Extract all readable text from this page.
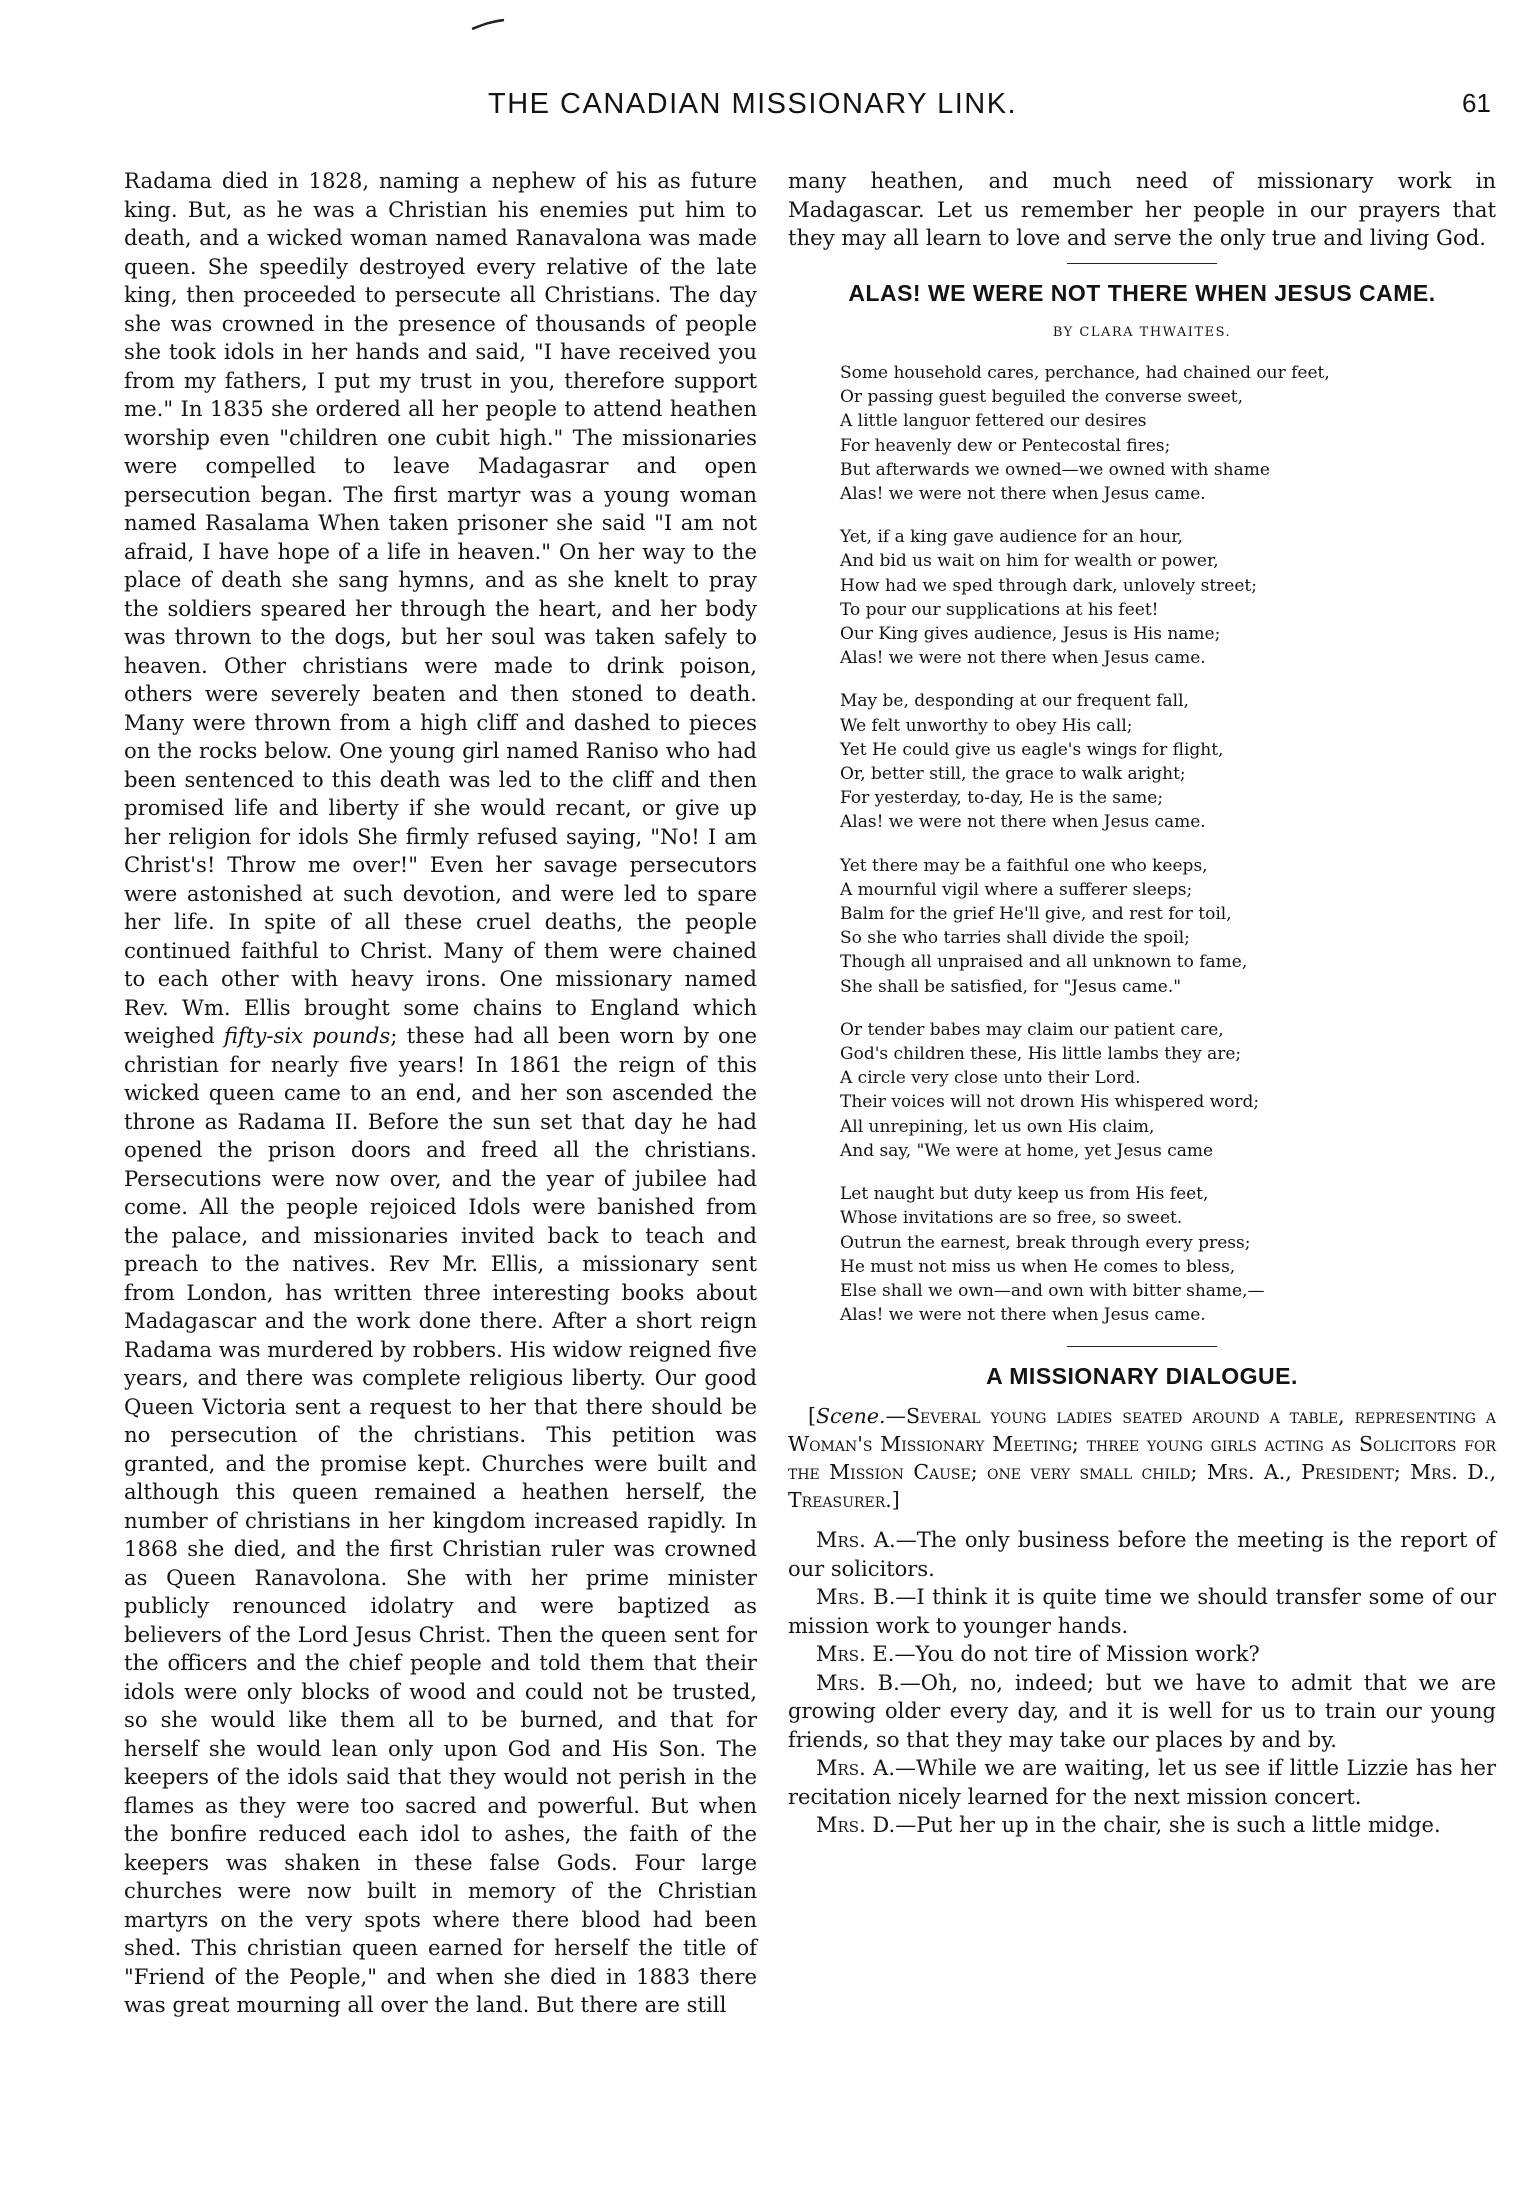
THE CANADIAN MISSIONARY LINK.	61

Radama died in 1828, naming a nephew of his as future king. But, as he was a Christian his enemies put him to death, and a wicked woman named Ranavalona was made queen. She speedily destroyed every relative of the late king, then proceeded to persecute all Christians. The day she was crowned in the presence of thousands of people she took idols in her hands and said, "I have received you from my fathers, I put my trust in you, therefore support me." In 1835 she ordered all her people to attend heathen worship even "children one cubit high." The missionaries were compelled to leave Madagasrar and open persecution began. The first martyr was a young woman named Rasalama When taken prisoner she said "I am not afraid, I have hope of a life in heaven." On her way to the place of death she sang hymns, and as she knelt to pray the soldiers speared her through the heart, and her body was thrown to the dogs, but her soul was taken safely to heaven. Other christians were made to drink poison, others were severely beaten and then stoned to death. Many were thrown from a high cliff and dashed to pieces on the rocks below. One young girl named Raniso who had been sentenced to this death was led to the cliff and then promised life and liberty if she would recant, or give up her religion for idols She firmly refused saying, "No! I am Christ's! Throw me over!" Even her savage persecutors were astonished at such devotion, and were led to spare her life. In spite of all these cruel deaths, the people continued faithful to Christ. Many of them were chained to each other with heavy irons. One missionary named Rev. Wm. Ellis brought some chains to England which weighed fifty-six pounds; these had all been worn by one christian for nearly five years! In 1861 the reign of this wicked queen came to an end, and her son ascended the throne as Radama II. Before the sun set that day he had opened the prison doors and freed all the christians. Persecutions were now over, and the year of jubilee had come. All the people rejoiced Idols were banished from the palace, and missionaries invited back to teach and preach to the natives. Rev Mr. Ellis, a missionary sent from London, has written three interesting books about Madagascar and the work done there. After a short reign Radama was murdered by robbers. His widow reigned five years, and there was complete religious liberty. Our good Queen Victoria sent a request to her that there should be no persecution of the christians. This petition was granted, and the promise kept. Churches were built and although this queen remained a heathen herself, the number of christians in her kingdom increased rapidly. In 1868 she died, and the first Christian ruler was crowned as Queen Ranavolona. She with her prime minister publicly renounced idolatry and were baptized as believers of the Lord Jesus Christ. Then the queen sent for the officers and the chief people and told them that their idols were only blocks of wood and could not be trusted, so she would like them all to be burned, and that for herself she would lean only upon God and His Son. The keepers of the idols said that they would not perish in the flames as they were too sacred and powerful. But when the bonfire reduced each idol to ashes, the faith of the keepers was shaken in these false Gods. Four large churches were now built in memory of the Christian martyrs on the very spots where there blood had been shed. This christian queen earned for herself the title of "Friend of the People," and when she died in 1883 there was great mourning all over the land. But there are still

many heathen, and much need of missionary work in Madagascar. Let us remember her people in our prayers that they may all learn to love and serve the only true and living God.

ALAS! WE WERE NOT THERE WHEN JESUS CAME.
BY CLARA THWAITES.
Some household cares, perchance, had chained our feet,
Or passing guest beguiled the converse sweet,
A little languor fettered our desires
For heavenly dew or Pentecostal fires;
But afterwards we owned—we owned with shame
Alas! we were not there when Jesus came.
Yet, if a king gave audience for an hour,
And bid us wait on him for wealth or power,
How had we sped through dark, unlovely street;
To pour our supplications at his feet!
Our King gives audience, Jesus is His name;
Alas! we were not there when Jesus came.
May be, desponding at our frequent fall,
We felt unworthy to obey His call;
Yet He could give us eagle's wings for flight,
Or, better still, the grace to walk aright;
For yesterday, to-day, He is the same;
Alas! we were not there when Jesus came.
Yet there may be a faithful one who keeps,
A mournful vigil where a sufferer sleeps;
Balm for the grief He'll give, and rest for toil,
So she who tarries shall divide the spoil;
Though all unpraised and all unknown to fame,
She shall be satisfied, for "Jesus came."
Or tender babes may claim our patient care,
God's children these, His little lambs they are;
A circle very close unto their Lord.
Their voices will not drown His whispered word;
All unrepining, let us own His claim,
And say, "We were at home, yet Jesus came
Let naught but duty keep us from His feet,
Whose invitations are so free, so sweet.
Outrun the earnest, break through every press;
He must not miss us when He comes to bless,
Else shall we own—and own with bitter shame,—
Alas! we were not there when Jesus came.
A MISSIONARY DIALOGUE.

[Scene.—Several young ladies seated around a table, representing a Woman's Missionary Meeting; three young girls acting as Solicitors for the Mission Cause; one very small child; Mrs. A., President; Mrs. D., Treasurer.]

Mrs. A.—The only business before the meeting is the report of our solicitors.

Mrs. B.—I think it is quite time we should transfer some of our mission work to younger hands.

Mrs. E.—You do not tire of Mission work?

Mrs. B.—Oh, no, indeed; but we have to admit that we are growing older every day, and it is well for us to train our young friends, so that they may take our places by and by.

Mrs. A.—While we are waiting, let us see if little Lizzie has her recitation nicely learned for the next mission concert.

Mrs. D.—Put her up in the chair, she is such a little midge.
